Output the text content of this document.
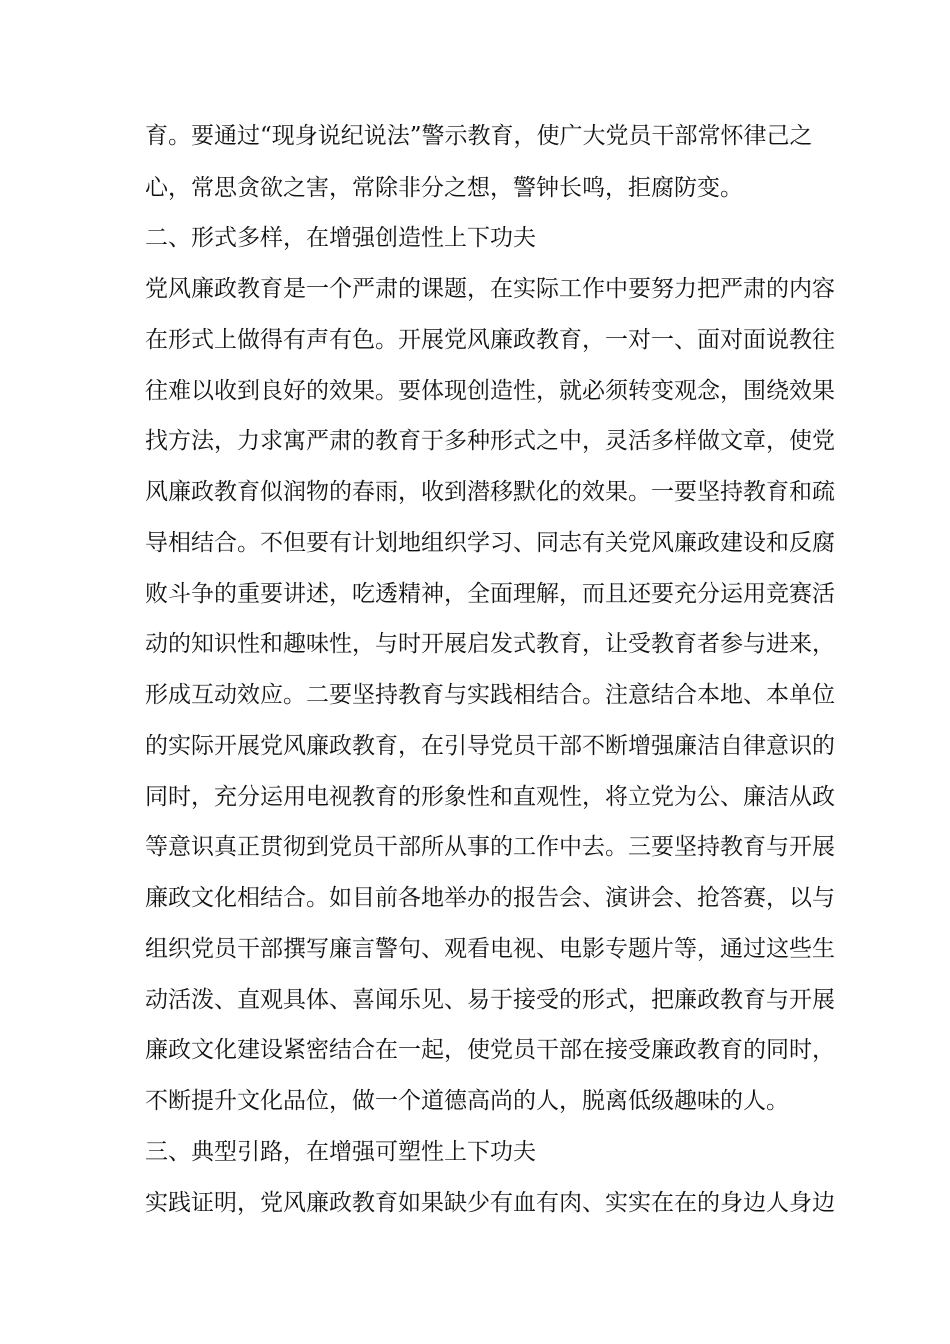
育。要通过“现身说纪说法”警示教育，使广大党员干部常怀律己之
心，常思贪欲之害，常除非分之想，警钟长鸣，拒腐防变。
二、形式多样，在增强创造性上下功夫
党风廉政教育是一个严肃的课题，在实际工作中要努力把严肃的内容
在形式上做得有声有色。开展党风廉政教育，一对一、面对面说教往
往难以收到良好的效果。要体现创造性，就必须转变观念，围绕效果
找方法，力求寓严肃的教育于多种形式之中，灵活多样做文章，使党
风廉政教育似润物的春雨，收到潜移默化的效果。一要坚持教育和疏
导相结合。不但要有计划地组织学习、同志有关党风廉政建设和反腐
败斗争的重要讲述，吃透精神，全面理解，而且还要充分运用竞赛活
动的知识性和趣味性，与时开展启发式教育，让受教育者参与进来，
形成互动效应。二要坚持教育与实践相结合。注意结合本地、本单位
的实际开展党风廉政教育，在引导党员干部不断增强廉洁自律意识的
同时，充分运用电视教育的形象性和直观性，将立党为公、廉洁从政
等意识真正贯彻到党员干部所从事的工作中去。三要坚持教育与开展
廉政文化相结合。如目前各地举办的报告会、演讲会、抢答赛，以与
组织党员干部撰写廉言警句、观看电视、电影专题片等，通过这些生
动活泼、直观具体、喜闻乐见、易于接受的形式，把廉政教育与开展
廉政文化建设紧密结合在一起，使党员干部在接受廉政教育的同时，
不断提升文化品位，做一个道德高尚的人，脱离低级趣味的人。
三、典型引路，在增强可塑性上下功夫
实践证明，党风廉政教育如果缺少有血有肉、实实在在的身边人身边
